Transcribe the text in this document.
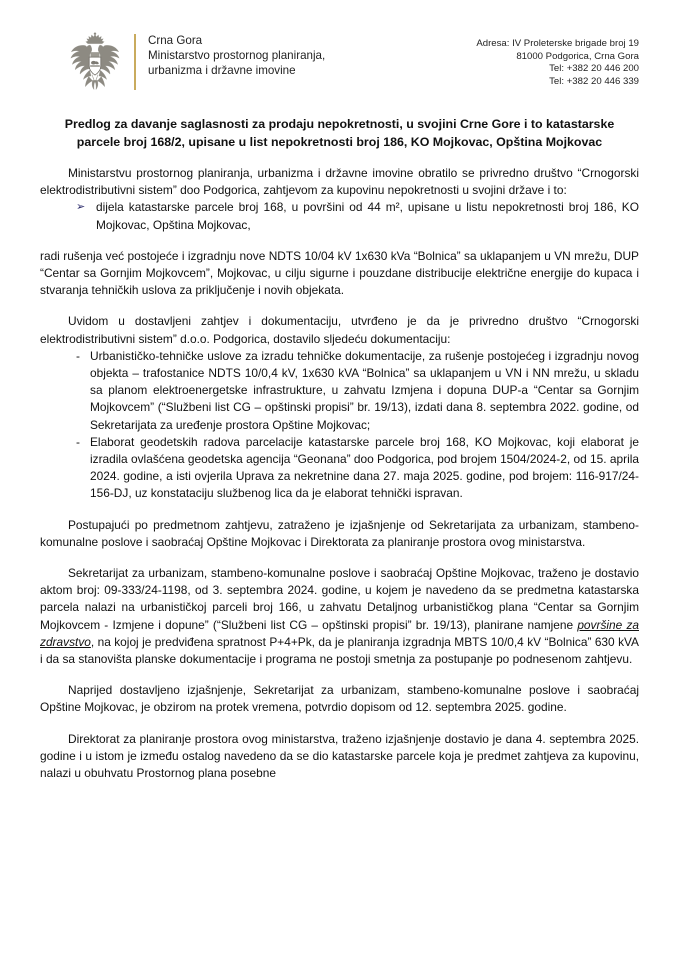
Crna Gora
Ministarstvo prostornog planiranja,
urbanizma i državne imovine
Adresa: IV Proleterske brigade broj 19
81000 Podgorica, Crna Gora
Tel: +382 20 446 200
Tel: +382 20 446 339
Predlog za davanje saglasnosti za prodaju nepokretnosti, u svojini Crne Gore i to katastarske parcele broj 168/2, upisane u list nepokretnosti broj 186, KO Mojkovac, Opština Mojkovac

Ministarstvu prostornog planiranja, urbanizma i državne imovine obratilo se privredno društvo “Crnogorski elektrodistributivni sistem” doo Podgorica, zahtjevom za kupovinu nepokretnosti u svojini države i to:

➢ dijela katastarske parcele broj 168, u površini od 44 m², upisane u listu nepokretnosti broj 186, KO Mojkovac, Opština Mojkovac,

radi rušenja već postojeće i izgradnju nove NDTS 10/04 kV 1x630 kVa “Bolnica” sa uklapanjem u VN mrežu, DUP “Centar sa Gornjim Mojkovcem”, Mojkovac, u cilju sigurne i pouzdane distribucije električne energije do kupaca i stvaranja tehničkih uslova za priključenje i novih objekata.

Uvidom u dostavljeni zahtjev i dokumentaciju, utvrđeno je da je privredno društvo “Crnogorski elektrodistributivni sistem” d.o.o. Podgorica, dostavilo sljedeću dokumentaciju:

- Urbanističko-tehničke uslove za izradu tehničke dokumentacije, za rušenje postojećeg i izgradnju novog objekta – trafostanice NDTS 10/0,4 kV, 1x630 kVA “Bolnica” sa uklapanjem u VN i NN mrežu, u skladu sa planom elektroenergetske infrastrukture, u zahvatu Izmjena i dopuna DUP-a “Centar sa Gornjim Mojkovcem” (“Službeni list CG – opštinski propisi” br. 19/13), izdati dana 8. septembra 2022. godine, od Sekretarijata za uređenje prostora Opštine Mojkovac;
- Elaborat geodetskih radova parcelacije katastarske parcele broj 168, KO Mojkovac, koji elaborat je izradila ovlašćena geodetska agencija “Geonana” doo Podgorica, pod brojem 1504/2024-2, od 15. aprila 2024. godine, a isti ovjerila Uprava za nekretnine dana 27. maja 2025. godine, pod brojem: 116-917/24-156-DJ, uz konstataciju službenog lica da je elaborat tehnički ispravan.

Postupajući po predmetnom zahtjevu, zatraženo je izjašnjenje od Sekretarijata za urbanizam, stambeno-komunalne poslove i saobraćaj Opštine Mojkovac i Direktorata za planiranje prostora ovog ministarstva.

Sekretarijat za urbanizam, stambeno-komunalne poslove i saobraćaj Opštine Mojkovac, traženo je dostavio aktom broj: 09-333/24-1198, od 3. septembra 2024. godine, u kojem je navedeno da se predmetna katastarska parcela nalazi na urbanističkoj parceli broj 166, u zahvatu Detaljnog urbanističkog plana “Centar sa Gornjim Mojkovcem - Izmjene i dopune” (“Službeni list CG – opštinski propisi” br. 19/13), planirane namjene površine za zdravstvo, na kojoj je predviđena spratnost P+4+Pk, da je planiranja izgradnja MBTS 10/0,4 kV “Bolnica” 630 kVA i da sa stanovišta planske dokumentacije i programa ne postoji smetnja za postupanje po podnesenom zahtjevu.

Naprijed dostavljeno izjašnjenje, Sekretarijat za urbanizam, stambeno-komunalne poslove i saobraćaj Opštine Mojkovac, je obzirom na protek vremena, potvrdio dopisom od 12. septembra 2025. godine.

Direktorat za planiranje prostora ovog ministarstva, traženo izjašnjenje dostavio je dana 4. septembra 2025. godine i u istom je između ostalog navedeno da se dio katastarske parcele koja je predmet zahtjeva za kupovinu, nalazi u obuhvatu Prostornog plana posebne
